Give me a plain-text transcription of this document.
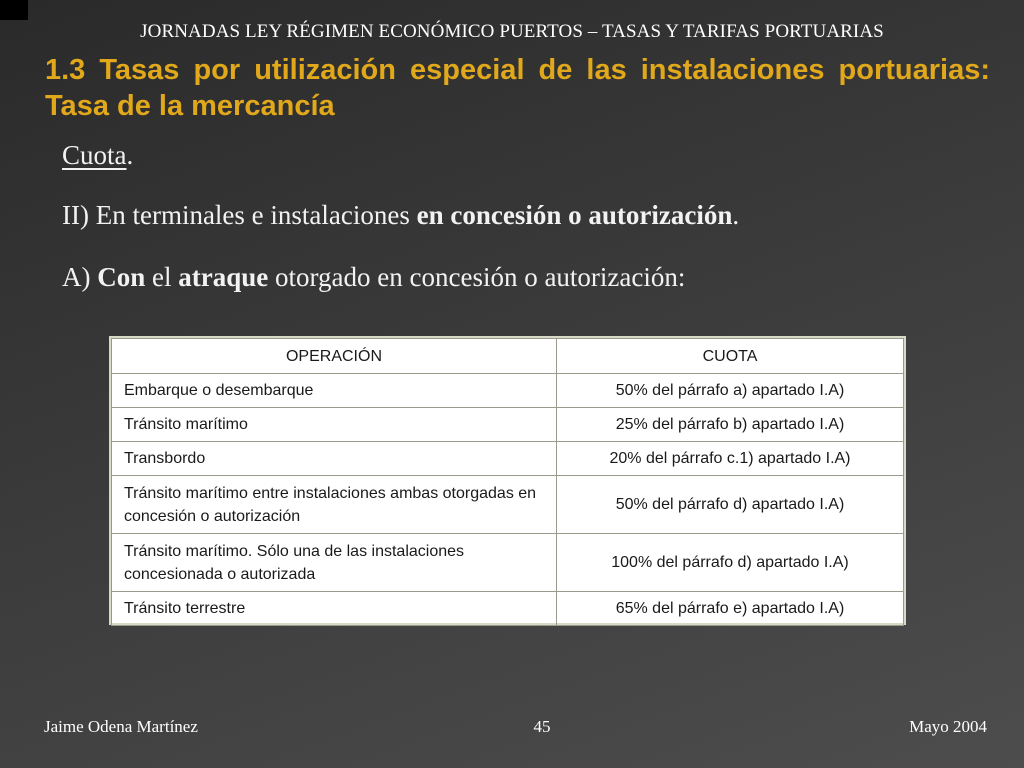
JORNADAS LEY RÉGIMEN ECONÓMICO PUERTOS – TASAS Y TARIFAS PORTUARIAS
1.3 Tasas por utilización especial de las instalaciones portuarias: Tasa de la mercancía
Cuota.
II) En terminales e instalaciones en concesión o autorización.
A) Con el atraque otorgado en concesión o autorización:
OPERACIÓN	CUOTA
Embarque o desembarque	50% del párrafo a) apartado I.A)
Tránsito marítimo	25% del párrafo b) apartado I.A)
Transbordo	20% del párrafo c.1) apartado I.A)
Tránsito marítimo entre instalaciones ambas otorgadas en concesión o autorización	50% del párrafo d) apartado I.A)
Tránsito marítimo. Sólo una de las instalaciones concesionada o autorizada	100% del párrafo d) apartado I.A)
Tránsito terrestre	65% del párrafo e) apartado I.A)
Jaime Odena Martínez	45	Mayo 2004
